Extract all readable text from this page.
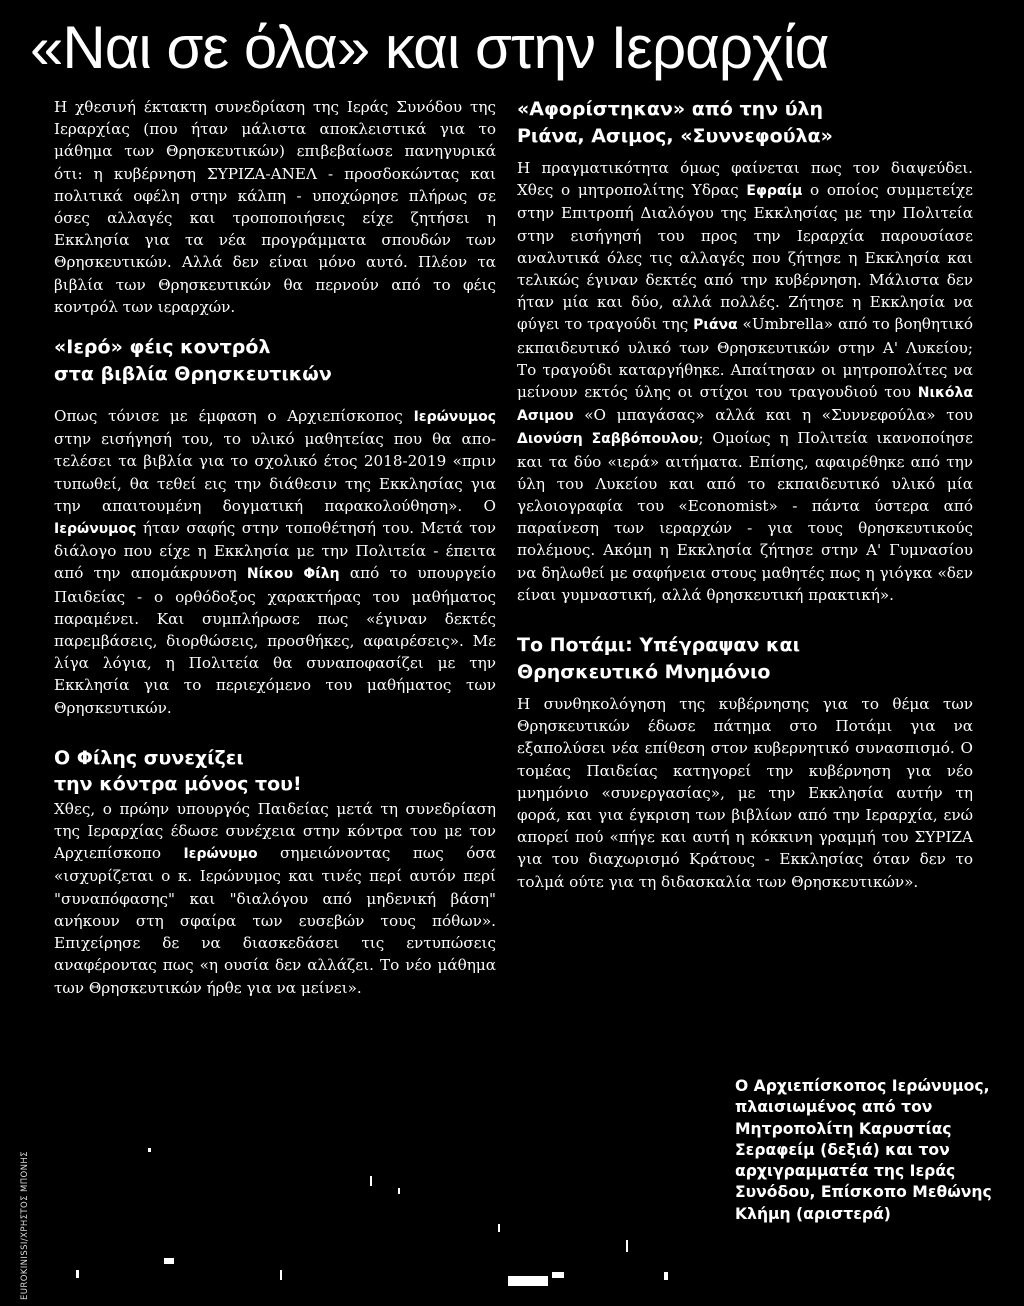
«Ναι σε όλα» και στην Ιεραρχία

Η χθεσινή έκτακτη συνεδρίαση της Ιεράς Συνόδου της Ιεραρχίας (που ήταν μάλιστα αποκλειστικά για το μάθημα των Θρησκευτικών) επιβεβαίωσε πανηγυρικά ότι: η κυβέρνηση ΣΥΡΙΖΑ-ΑΝΕΛ - προσδοκώντας και πολιτικά οφέλη στην κάλπη - υποχώρησε πλήρως σε όσες αλλαγές και τροποποιήσεις είχε ζητήσει η Εκκλησία για τα νέα προγράμματα σπουδών των Θρησκευτικών. Αλλά δεν είναι μόνο αυτό. Πλέον τα βιβλία των Θρησκευτικών θα περνούν από το φέις κοντρόλ των ιεραρχών.

«Ιερό» φέις κοντρόλ
στα βιβλία Θρησκευτικών

Οπως τόνισε με έμφαση ο Αρχιεπίσκοπος Ιερώνυμος στην εισήγησή του, το υλικό μαθητείας που θα αποτελέσει τα βιβλία για το σχολικό έτος 2018-2019 «πριν τυπωθεί, θα τεθεί εις την διάθεσιν της Εκκλησίας για την απαιτουμένη δογματική παρακολούθηση». Ο Ιερώνυμος ήταν σαφής στην τοποθέτησή του. Μετά τον διάλογο που είχε η Εκκλησία με την Πολιτεία - έπειτα από την απομάκρυνση Νίκου Φίλη από το υπουργείο Παιδείας - ο ορθόδοξος χαρακτήρας του μαθήματος παραμένει. Και συμπλήρωσε πως «έγιναν δεκτές παρεμβάσεις, διορθώσεις, προσθήκες, αφαιρέσεις». Με λίγα λόγια, η Πολιτεία θα συναποφασίζει με την Εκκλησία για το περιεχόμενο του μαθήματος των Θρησκευτικών.

Ο Φίλης συνεχίζει
την κόντρα μόνος του!

Χθες, ο πρώην υπουργός Παιδείας μετά τη συνεδρίαση της Ιεραρχίας έδωσε συνέχεια στην κόντρα του με τον Αρχιεπίσκοπο Ιερώνυμο σημειώνοντας πως όσα «ισχυρίζεται ο κ. Ιερώνυμος και τινές περί αυτόν περί "συναπόφασης" και "διαλόγου από μηδενική βάση" ανήκουν στη σφαίρα των ευσεβών τους πόθων». Επιχείρησε δε να διασκεδάσει τις εντυπώσεις αναφέροντας πως «η ουσία δεν αλλάζει. Το νέο μάθημα των Θρησκευτικών ήρθε για να μείνει».

«Αφορίστηκαν» από την ύλη
Ριάνα, Ασιμος, «Συννεφούλα»

Η πραγματικότητα όμως φαίνεται πως τον διαψεύδει. Χθες ο μητροπολίτης Υδρας Εφραίμ ο οποίος συμμετείχε στην Επιτροπή Διαλόγου της Εκκλησίας με την Πολιτεία στην εισήγησή του προς την Ιεραρχία παρουσίασε αναλυτικά όλες τις αλλαγές που ζήτησε η Εκκλησία και τελικώς έγιναν δεκτές από την κυβέρνηση. Μάλιστα δεν ήταν μία και δύο, αλλά πολλές. Ζήτησε η Εκκλησία να φύγει το τραγούδι της Ριάνα «Umbrella» από το βοηθητικό εκπαιδευτικό υλικό των Θρησκευτικών στην Α' Λυκείου; Το τραγούδι καταργήθηκε. Απαίτησαν οι μητροπολίτες να μείνουν εκτός ύλης οι στίχοι του τραγουδιού του Νικόλα Ασιμου «Ο μπαγάσας» αλλά και η «Συννεφούλα» του Διονύση Σαββόπουλου; Ομοίως η Πολιτεία ικανοποίησε και τα δύο «ιερά» αιτήματα. Επίσης, αφαιρέθηκε από την ύλη του Λυκείου και από το εκπαιδευτικό υλικό μία γελοιογραφία του «Economist» - πάντα ύστερα από παραίνεση των ιεραρχών - για τους θρησκευτικούς πολέμους. Ακόμη η Εκκλησία ζήτησε στην Α' Γυμνασίου να δηλωθεί με σαφήνεια στους μαθητές πως η γιόγκα «δεν είναι γυμναστική, αλλά θρησκευτική πρακτική».

Το Ποτάμι: Υπέγραψαν και
Θρησκευτικό Μνημόνιο

Η συνθηκολόγηση της κυβέρνησης για το θέμα των Θρησκευτικών έδωσε πάτημα στο Ποτάμι για να εξαπολύσει νέα επίθεση στον κυβερνητικό συνασπισμό. Ο τομέας Παιδείας κατηγορεί την κυβέρνηση για νέο μνημόνιο «συνεργασίας», με την Εκκλησία αυτήν τη φορά, και για έγκριση των βιβλίων από την Ιεραρχία, ενώ απορεί πού «πήγε και αυτή η κόκκινη γραμμή του ΣΥΡΙΖΑ για του διαχωρισμό Κράτους - Εκκλησίας όταν δεν το τολμά ούτε για τη διδασκαλία των Θρησκευτικών».

EUROKINISSI/ΧΡΗΣΤΟΣ ΜΠΟΝΗΣ

Ο Αρχιεπίσκοπος Ιερώνυμος, πλαισιωμένος από τον Μητροπολίτη Καρυστίας Σεραφείμ (δεξιά) και τον αρχιγραμματέα της Ιεράς Συνόδου, Επίσκοπο Μεθώνης Κλήμη (αριστερά)
